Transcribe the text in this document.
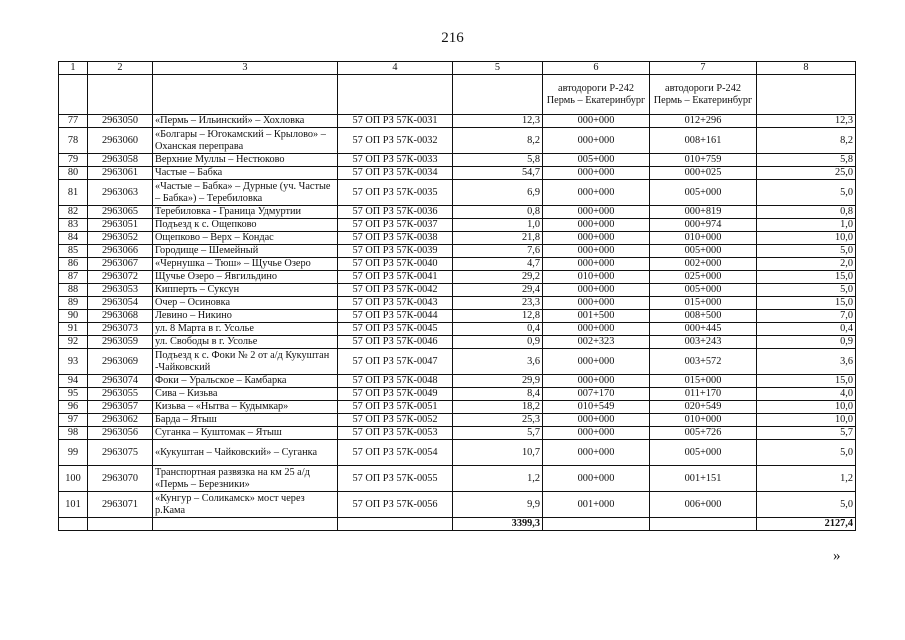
216
1	2	3	4	5	6	7	8
					автодороги Р-242 Пермь – Екатеринбург	автодороги Р-242 Пермь – Екатеринбург	
77	2963050	«Пермь – Ильинский» – Хохловка	57 ОП РЗ 57К-0031	12,3	000+000	012+296	12,3
78	2963060	«Болгары – Югокамский – Крылово» – Оханская переправа	57 ОП РЗ 57К-0032	8,2	000+000	008+161	8,2
79	2963058	Верхние Муллы – Нестюково	57 ОП РЗ 57К-0033	5,8	005+000	010+759	5,8
80	2963061	Частые – Бабка	57 ОП РЗ 57К-0034	54,7	000+000	000+025	25,0
81	2963063	«Частые – Бабка» – Дурные (уч. Частые – Бабка») – Теребиловка	57 ОП РЗ 57К-0035	6,9	000+000	005+000	5,0
82	2963065	Теребиловка - Граница Удмуртии	57 ОП РЗ 57К-0036	0,8	000+000	000+819	0,8
83	2963051	Подъезд к с. Ощепково	57 ОП РЗ 57К-0037	1,0	000+000	000+974	1,0
84	2963052	Ощепково – Верх – Кондас	57 ОП РЗ 57К-0038	21,8	000+000	010+000	10,0
85	2963066	Городище – Шемейный	57 ОП РЗ 57К-0039	7,6	000+000	005+000	5,0
86	2963067	«Чернушка – Тюш» – Щучье Озеро	57 ОП РЗ 57К-0040	4,7	000+000	002+000	2,0
87	2963072	Щучье Озеро – Явгильдино	57 ОП РЗ 57К-0041	29,2	010+000	025+000	15,0
88	2963053	Кипперть – Суксун	57 ОП РЗ 57К-0042	29,4	000+000	005+000	5,0
89	2963054	Очер – Осиновка	57 ОП РЗ 57К-0043	23,3	000+000	015+000	15,0
90	2963068	Левино – Никино	57 ОП РЗ 57К-0044	12,8	001+500	008+500	7,0
91	2963073	ул. 8 Марта в г. Усолье	57 ОП РЗ 57К-0045	0,4	000+000	000+445	0,4
92	2963059	ул. Свободы в г. Усолье	57 ОП РЗ 57К-0046	0,9	002+323	003+243	0,9
93	2963069	Подъезд к с. Фоки № 2 от а/д Кукуштан -Чайковский	57 ОП РЗ 57К-0047	3,6	000+000	003+572	3,6
94	2963074	Фоки – Уральское – Камбарка	57 ОП РЗ 57К-0048	29,9	000+000	015+000	15,0
95	2963055	Сива – Кизьва	57 ОП РЗ 57К-0049	8,4	007+170	011+170	4,0
96	2963057	Кизьва – «Нытва – Кудымкар»	57 ОП РЗ 57К-0051	18,2	010+549	020+549	10,0
97	2963062	Барда – Ятыш	57 ОП РЗ 57К-0052	25,3	000+000	010+000	10,0
98	2963056	Суганка – Куштомак – Ятыш	57 ОП РЗ 57К-0053	5,7	000+000	005+726	5,7
99	2963075	«Кукуштан – Чайковский» – Суганка	57 ОП РЗ 57К-0054	10,7	000+000	005+000	5,0
100	2963070	Транспортная развязка на км 25 а/д «Пермь – Березники»	57 ОП РЗ 57К-0055	1,2	000+000	001+151	1,2
101	2963071	«Кунгур – Соликамск» мост через р.Кама	57 ОП РЗ 57К-0056	9,9	001+000	006+000	5,0
				3399,3			2127,4
»
